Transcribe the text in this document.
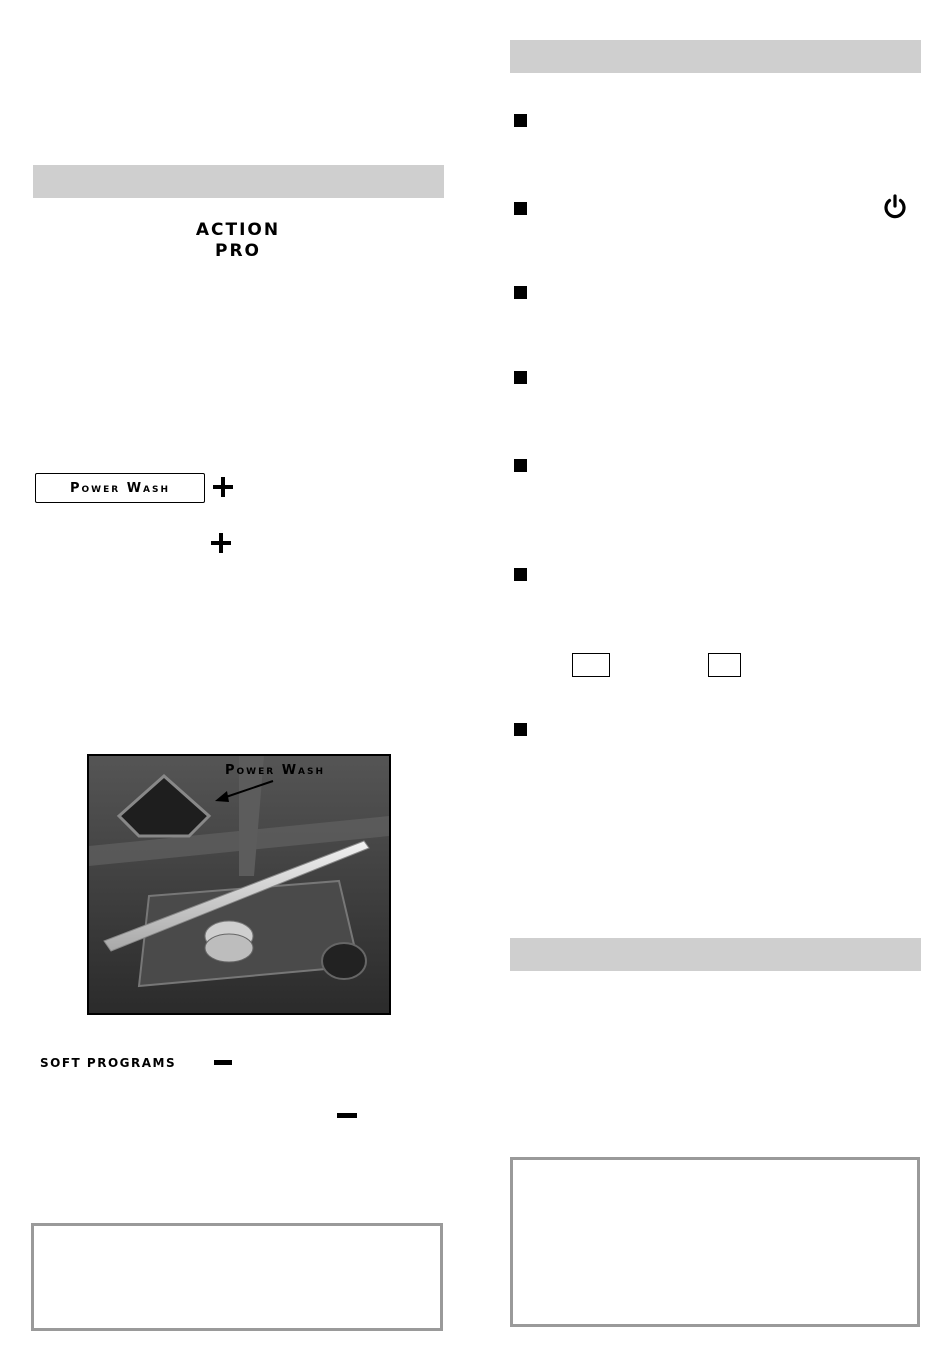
ACTION
PRO
Power Wash
Power Wash
SOFT PROGRAMS
